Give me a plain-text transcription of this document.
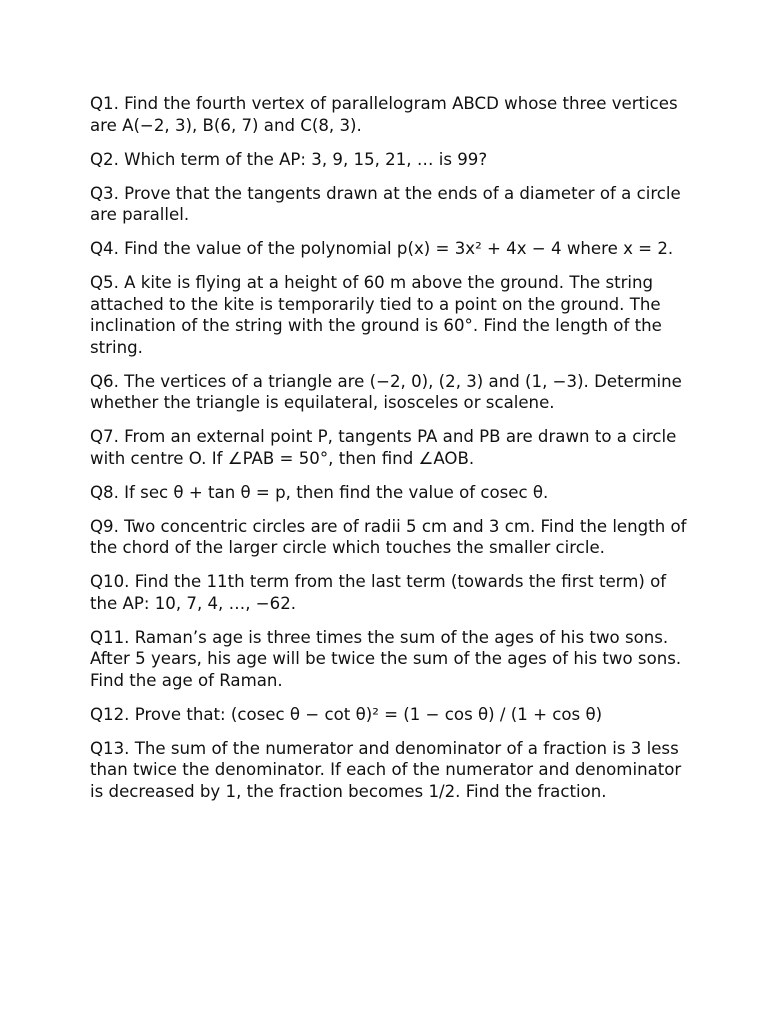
Q1. Find the fourth vertex of parallelogram ABCD whose three vertices are A(−2, 3), B(6, 7) and C(8, 3).
Q2. Which term of the AP: 3, 9, 15, 21, … is 99?
Q3. Prove that the tangents drawn at the ends of a diameter of a circle are parallel.
Q4. Find the value of the polynomial p(x) = 3x² + 4x − 4 where x = 2.
Q5. A kite is flying at a height of 60 m above the ground. The string attached to the kite is temporarily tied to a point on the ground. The inclination of the string with the ground is 60°. Find the length of the string.
Q6. The vertices of a triangle are (−2, 0), (2, 3) and (1, −3). Determine whether the triangle is equilateral, isosceles or scalene.
Q7. From an external point P, tangents PA and PB are drawn to a circle with centre O. If ∠PAB = 50°, then find ∠AOB.
Q8. If sec θ + tan θ = p, then find the value of cosec θ.
Q9. Two concentric circles are of radii 5 cm and 3 cm. Find the length of the chord of the larger circle which touches the smaller circle.
Q10. Find the 11th term from the last term (towards the first term) of the AP: 10, 7, 4, …, −62.
Q11. Raman’s age is three times the sum of the ages of his two sons. After 5 years, his age will be twice the sum of the ages of his two sons. Find the age of Raman.
Q12. Prove that: (cosec θ − cot θ)² = (1 − cos θ) / (1 + cos θ)
Q13. The sum of the numerator and denominator of a fraction is 3 less than twice the denominator. If each of the numerator and denominator is decreased by 1, the fraction becomes 1/2. Find the fraction.
